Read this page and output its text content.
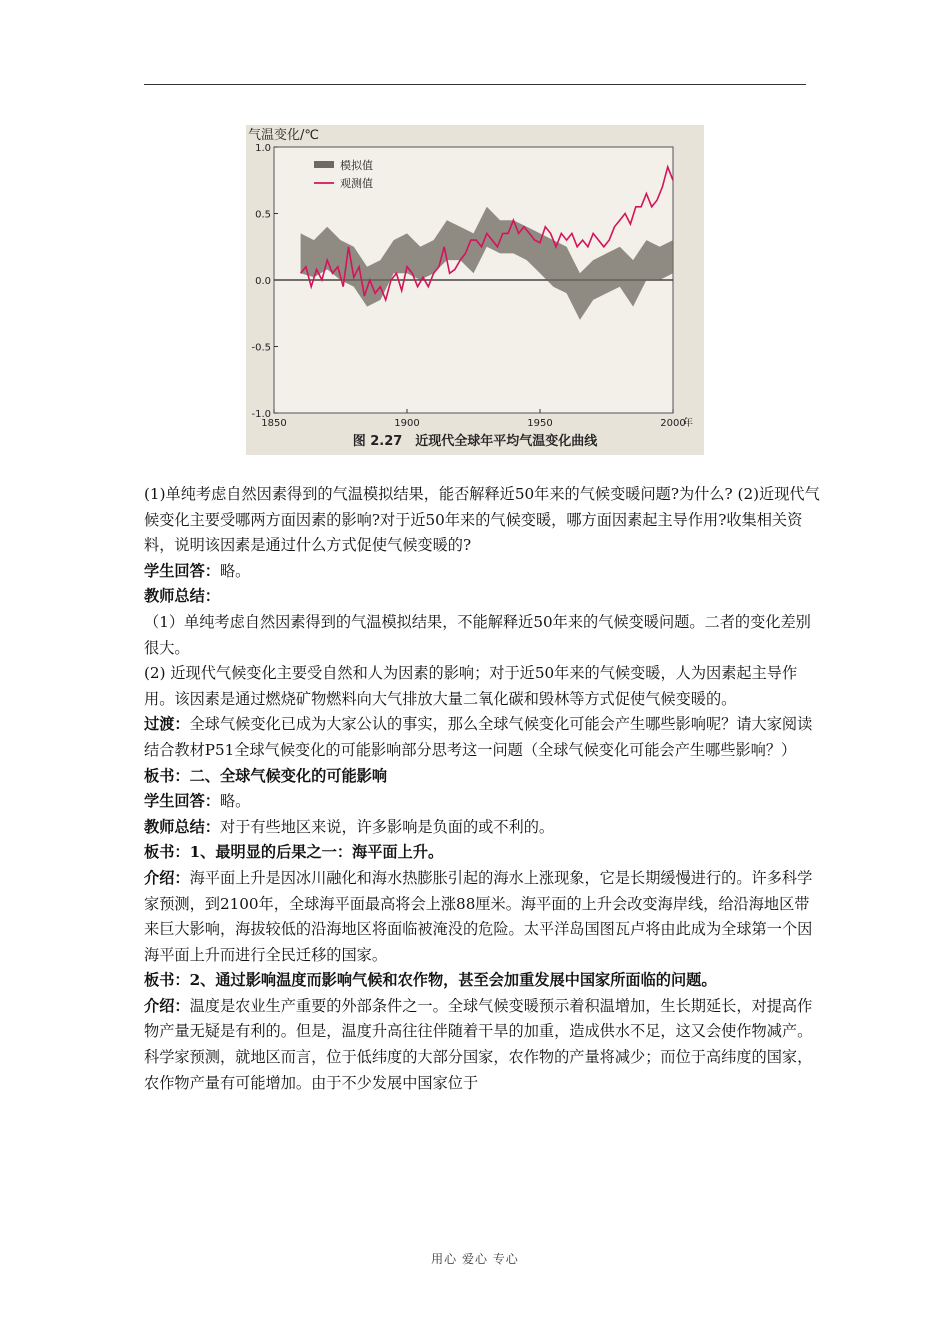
气温变化/℃
1.0
0.5
0.0
-0.5
-1.0
1850	1900	1950	2000
年
模拟值
观测值
图 2.27　近现代全球年平均气温变化曲线

(1)单纯考虑自然因素得到的气温模拟结果，能否解释近50年来的气候变暖问题?为什么? (2)近现代气候变化主要受哪两方面因素的影响?对于近50年来的气候变暖，哪方面因素起主导作用?收集相关资料，说明该因素是通过什么方式促使气候变暖的?

学生回答：略。

教师总结：

（1）单纯考虑自然因素得到的气温模拟结果，不能解释近50年来的气候变暖问题。二者的变化差别很大。

(2) 近现代气候变化主要受自然和人为因素的影响；对于近50年来的气候变暖，人为因素起主导作用。该因素是通过燃烧矿物燃料向大气排放大量二氧化碳和毁林等方式促使气候变暖的。

过渡：全球气候变化已成为大家公认的事实，那么全球气候变化可能会产生哪些影响呢？请大家阅读结合教材P51全球气候变化的可能影响部分思考这一问题（全球气候变化可能会产生哪些影响？）

板书：二、全球气候变化的可能影响

学生回答：略。

教师总结：对于有些地区来说，许多影响是负面的或不利的。

板书：1、最明显的后果之一：海平面上升。

介绍：海平面上升是因冰川融化和海水热膨胀引起的海水上涨现象，它是长期缓慢进行的。许多科学家预测，到2100年，全球海平面最高将会上涨88厘米。海平面的上升会改变海岸线，给沿海地区带来巨大影响，海拔较低的沿海地区将面临被淹没的危险。太平洋岛国图瓦卢将由此成为全球第一个因海平面上升而进行全民迁移的国家。

板书：2、通过影响温度而影响气候和农作物，甚至会加重发展中国家所面临的问题。

介绍：温度是农业生产重要的外部条件之一。全球气候变暖预示着积温增加，生长期延长，对提高作物产量无疑是有利的。但是，温度升高往往伴随着干旱的加重，造成供水不足，这又会使作物减产。科学家预测，就地区而言，位于低纬度的大部分国家，农作物的产量将减少；而位于高纬度的国家，农作物产量有可能增加。由于不少发展中国家位于

用心 爱心 专心
